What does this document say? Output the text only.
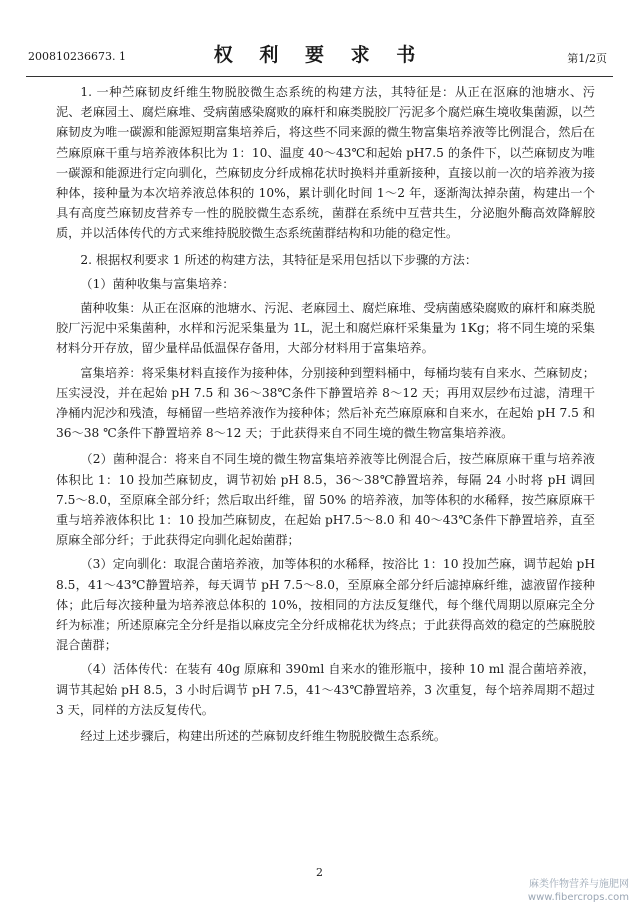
200810236673. 1	权 利 要 求 书	第1/2页

1. 一种苎麻韧皮纤维生物脱胶微生态系统的构建方法，其特征是：从正在沤麻的池塘水、污泥、老麻园土、腐烂麻堆、受病菌感染腐败的麻杆和麻类脱胶厂污泥多个腐烂麻生境收集菌源，以苎麻韧皮为唯一碳源和能源短期富集培养后，将这些不同来源的微生物富集培养液等比例混合，然后在苎麻原麻干重与培养液体积比为 1：10、温度 40～43℃和起始 pH7.5 的条件下，以苎麻韧皮为唯一碳源和能源进行定向驯化，苎麻韧皮分纤成棉花状时换料并重新接种，直接以前一次的培养液为接种体，接种量为本次培养液总体积的 10%，累计驯化时间 1～2 年，逐渐淘汰掉杂菌，构建出一个具有高度苎麻韧皮营养专一性的脱胶微生态系统，菌群在系统中互营共生，分泌胞外酶高效降解胶质，并以活体传代的方式来维持脱胶微生态系统菌群结构和功能的稳定性。

2. 根据权利要求 1 所述的构建方法，其特征是采用包括以下步骤的方法：

（1）菌种收集与富集培养：

菌种收集：从正在沤麻的池塘水、污泥、老麻园土、腐烂麻堆、受病菌感染腐败的麻杆和麻类脱胶厂污泥中采集菌种，水样和污泥采集量为 1L，泥土和腐烂麻杆采集量为 1Kg；将不同生境的采集材料分开存放，留少量样品低温保存备用，大部分材料用于富集培养。

富集培养：将采集材料直接作为接种体，分别接种到塑料桶中，每桶均装有自来水、苎麻韧皮；压实浸没，并在起始 pH 7.5 和 36～38℃条件下静置培养 8～12 天；再用双层纱布过滤，清理干净桶内泥沙和残渣，每桶留一些培养液作为接种体；然后补充苎麻原麻和自来水，在起始 pH 7.5 和 36～38 ℃条件下静置培养 8～12 天；于此获得来自不同生境的微生物富集培养液。

（2）菌种混合：将来自不同生境的微生物富集培养液等比例混合后，按苎麻原麻干重与培养液体积比 1：10 投加苎麻韧皮，调节初始 pH 8.5，36～38℃静置培养，每隔 24 小时将 pH 调回 7.5～8.0，至原麻全部分纤；然后取出纤维，留 50% 的培养液，加等体积的水稀释，按苎麻原麻干重与培养液体积比 1：10 投加苎麻韧皮，在起始 pH7.5～8.0 和 40～43℃条件下静置培养，直至原麻全部分纤；于此获得定向驯化起始菌群；

（3）定向驯化：取混合菌培养液，加等体积的水稀释，按浴比 1：10 投加苎麻，调节起始 pH 8.5，41～43℃静置培养，每天调节 pH 7.5～8.0，至原麻全部分纤后滤掉麻纤维，滤液留作接种体；此后每次接种量为培养液总体积的 10%，按相同的方法反复继代，每个继代周期以原麻完全分纤为标准；所述原麻完全分纤是指以麻皮完全分纤成棉花状为终点；于此获得高效的稳定的苎麻脱胶混合菌群；

（4）活体传代：在装有 40g 原麻和 390ml 自来水的锥形瓶中，接种 10 ml 混合菌培养液，调节其起始 pH 8.5，3 小时后调节 pH 7.5，41～43℃静置培养，3 次重复，每个培养周期不超过 3 天，同样的方法反复传代。

经过上述步骤后，构建出所述的苎麻韧皮纤维生物脱胶微生态系统。

2
麻类作物营养与施肥网
www.fibercrops.com
